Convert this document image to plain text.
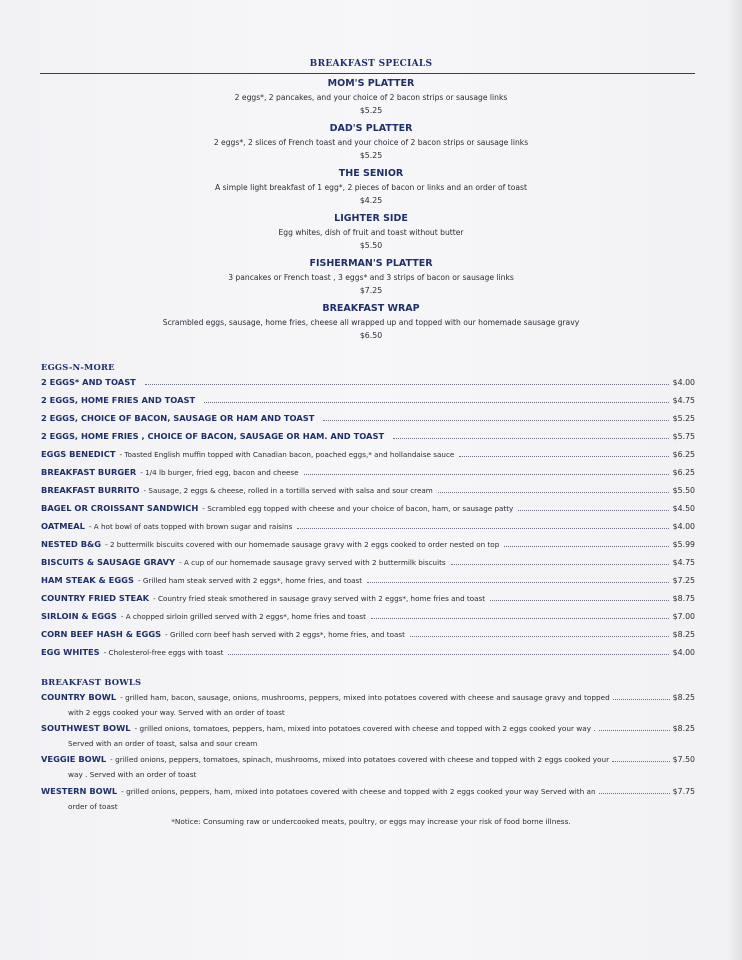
BREAKFAST SPECIALS
MOM'S PLATTER
2 eggs*, 2 pancakes, and your choice of 2 bacon strips or sausage links
$5.25
DAD'S PLATTER
2 eggs*, 2 slices of French toast and your choice of 2 bacon strips or sausage links
$5.25
THE SENIOR
A simple light breakfast of 1 egg*, 2 pieces of bacon or links and an order of toast
$4.25
LIGHTER SIDE
Egg whites, dish of fruit and toast without butter
$5.50
FISHERMAN'S PLATTER
3 pancakes or French toast , 3 eggs* and 3 strips of bacon or sausage links
$7.25
BREAKFAST WRAP
Scrambled eggs, sausage, home fries, cheese all wrapped up and topped with our homemade sausage gravy
$6.50
EGGS-N-MORE
2 EGGS* AND TOAST	$4.00
2 EGGS, HOME FRIES AND TOAST	$4.75
2 EGGS, CHOICE OF BACON, SAUSAGE OR HAM AND TOAST	$5.25
2 EGGS, HOME FRIES , CHOICE OF BACON, SAUSAGE OR HAM. AND TOAST	$5.75
EGGS BENEDICT - Toasted English muffin topped with Canadian bacon, poached eggs,* and hollandaise sauce	$6.25
BREAKFAST BURGER - 1/4 lb burger, fried egg, bacon and cheese	$6.25
BREAKFAST BURRITO - Sausage, 2 eggs & cheese, rolled in a tortilla served with salsa and sour cream	$5.50
BAGEL OR CROISSANT SANDWICH - Scrambled egg topped with cheese and your choice of bacon, ham, or sausage patty	$4.50
OATMEAL - A hot bowl of oats topped with brown sugar and raisins	$4.00
NESTED B&G - 2 buttermilk biscuits covered with our homemade sausage gravy with 2 eggs cooked to order nested on top	$5.99
BISCUITS & SAUSAGE GRAVY - A cup of our homemade sausage gravy served with 2 buttermilk biscuits	$4.75
HAM STEAK & EGGS - Grilled ham steak served with 2 eggs*, home fries, and toast	$7.25
COUNTRY FRIED STEAK - Country fried steak smothered in sausage gravy served with 2 eggs*, home fries and toast	$8.75
SIRLOIN & EGGS - A chopped sirloin grilled served with 2 eggs*, home fries and toast	$7.00
CORN BEEF HASH & EGGS - Grilled corn beef hash served with 2 eggs*, home fries, and toast	$8.25
EGG WHITES - Cholesterol-free eggs with toast	$4.00
BREAKFAST BOWLS
COUNTRY BOWL - grilled ham, bacon, sausage, onions, mushrooms, peppers, mixed into potatoes covered with cheese and sausage gravy and topped	$8.25
with 2 eggs cooked your way. Served with an order of toast
SOUTHWEST BOWL - grilled onions, tomatoes, peppers, ham, mixed into potatoes covered with cheese and topped with 2 eggs cooked your way .	$8.25
Served with an order of toast, salsa and sour cream
VEGGIE BOWL - grilled onions, peppers, tomatoes, spinach, mushrooms, mixed into potatoes covered with cheese and topped with 2 eggs cooked your	$7.50
way . Served with an order of toast
WESTERN BOWL - grilled onions, peppers, ham, mixed into potatoes covered with cheese and topped with 2 eggs cooked your way Served with an	$7.75
order of toast
*Notice: Consuming raw or undercooked meats, poultry, or eggs may increase your risk of food borne illness.
